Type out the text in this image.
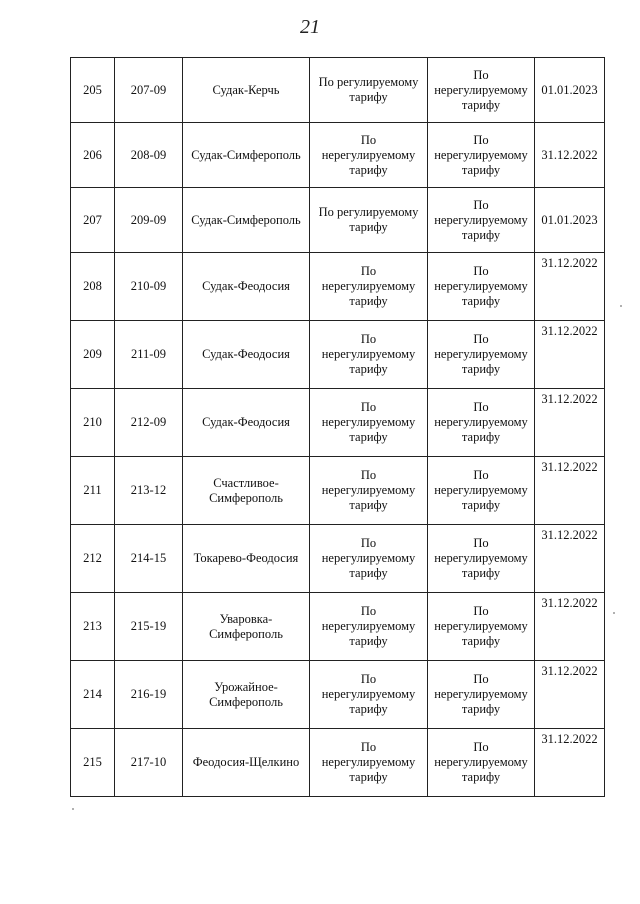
21
205	207-09	Судак-Керчь	По регулируемому тарифу	По нерегулируемому тарифу	01.01.2023
206	208-09	Судак-Симферополь	По нерегулируемому тарифу	По нерегулируемому тарифу	31.12.2022
207	209-09	Судак-Симферополь	По регулируемому тарифу	По нерегулируемому тарифу	01.01.2023
208	210-09	Судак-Феодосия	По нерегулируемому тарифу	По нерегулируемому тарифу	31.12.2022
209	211-09	Судак-Феодосия	По нерегулируемому тарифу	По нерегулируемому тарифу	31.12.2022
210	212-09	Судак-Феодосия	По нерегулируемому тарифу	По нерегулируемому тарифу	31.12.2022
211	213-12	Счастливое-Симферополь	По нерегулируемому тарифу	По нерегулируемому тарифу	31.12.2022
212	214-15	Токарево-Феодосия	По нерегулируемому тарифу	По нерегулируемому тарифу	31.12.2022
213	215-19	Уваровка-Симферополь	По нерегулируемому тарифу	По нерегулируемому тарифу	31.12.2022
214	216-19	Урожайное-Симферополь	По нерегулируемому тарифу	По нерегулируемому тарифу	31.12.2022
215	217-10	Феодосия-Щелкино	По нерегулируемому тарифу	По нерегулируемому тарифу	31.12.2022
